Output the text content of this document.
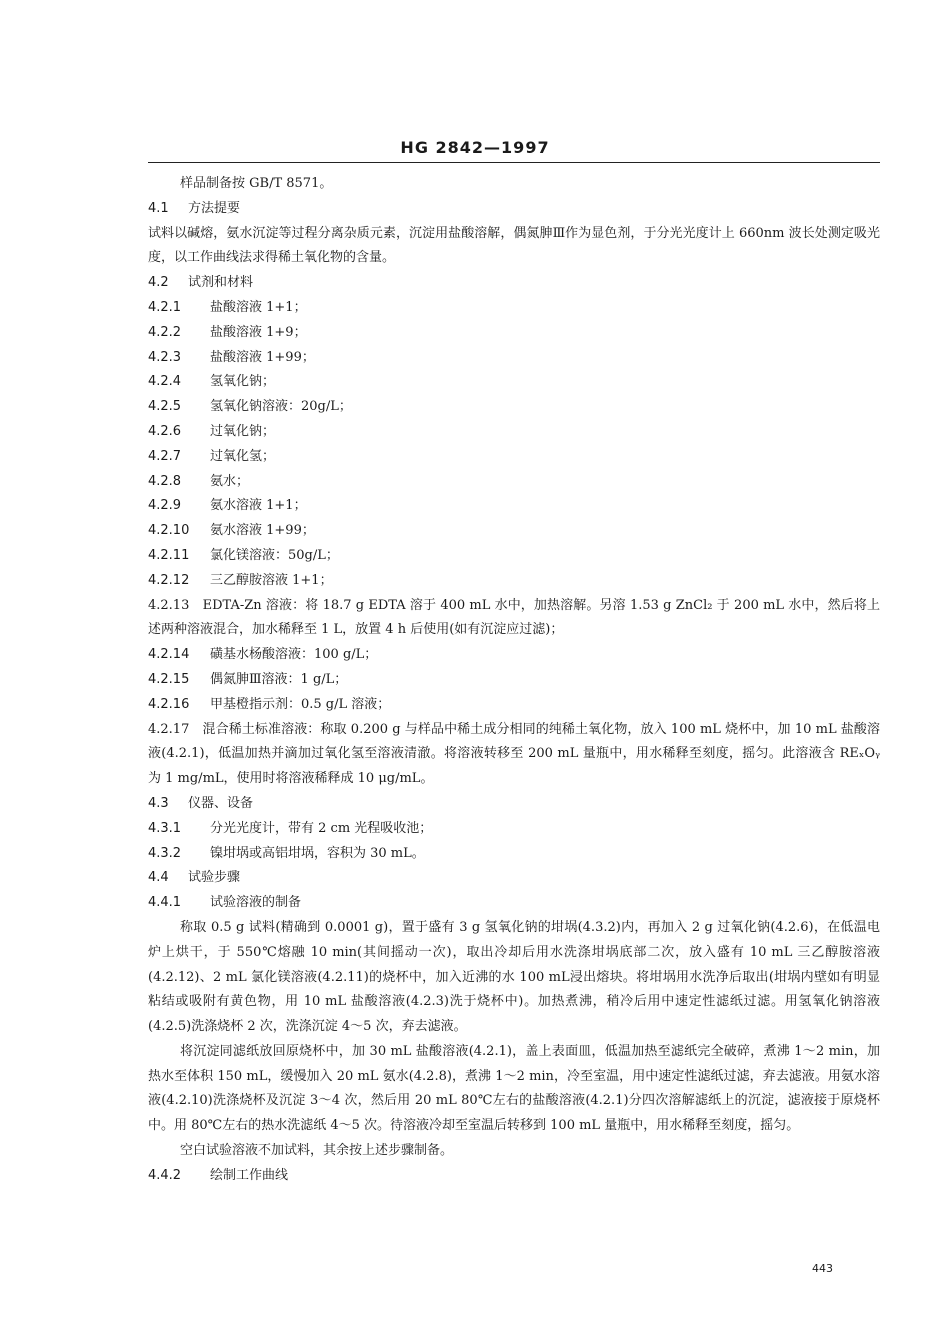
HG 2842—1997

样品制备按 GB/T 8571。

4.1	方法提要

试料以碱熔，氨水沉淀等过程分离杂质元素，沉淀用盐酸溶解，偶氮胂Ⅲ作为显色剂，于分光光度计上 660nm 波长处测定吸光度，以工作曲线法求得稀土氧化物的含量。

4.2	试剂和材料
4.2.1	盐酸溶液 1+1；
4.2.2	盐酸溶液 1+9；
4.2.3	盐酸溶液 1+99；
4.2.4	氢氧化钠；
4.2.5	氢氧化钠溶液：20g/L；
4.2.6	过氧化钠；
4.2.7	过氧化氢；
4.2.8	氨水；
4.2.9	氨水溶液 1+1；
4.2.10	氨水溶液 1+99；
4.2.11	氯化镁溶液：50g/L；
4.2.12	三乙醇胺溶液 1+1；

4.2.13　EDTA-Zn 溶液：将 18.7 g EDTA 溶于 400 mL 水中，加热溶解。另溶 1.53 g ZnCl₂ 于 200 mL 水中，然后将上述两种溶液混合，加水稀释至 1 L，放置 4 h 后使用(如有沉淀应过滤)；

4.2.14	磺基水杨酸溶液：100 g/L；
4.2.15	偶氮胂Ⅲ溶液：1 g/L；
4.2.16	甲基橙指示剂：0.5 g/L 溶液；

4.2.17　混合稀土标准溶液：称取 0.200 g 与样品中稀土成分相同的纯稀土氧化物，放入 100 mL 烧杯中，加 10 mL 盐酸溶液(4.2.1)，低温加热并滴加过氧化氢至溶液清澈。将溶液转移至 200 mL 量瓶中，用水稀释至刻度，摇匀。此溶液含 REₓOᵧ 为 1 mg/mL，使用时将溶液稀释成 10 μg/mL。

4.3	仪器、设备
4.3.1	分光光度计，带有 2 cm 光程吸收池；
4.3.2	镍坩埚或高铝坩埚，容积为 30 mL。
4.4	试验步骤
4.4.1	试验溶液的制备

称取 0.5 g 试料(精确到 0.0001 g)，置于盛有 3 g 氢氧化钠的坩埚(4.3.2)内，再加入 2 g 过氧化钠(4.2.6)，在低温电炉上烘干，于 550℃熔融 10 min(其间摇动一次)，取出冷却后用水洗涤坩埚底部二次，放入盛有 10 mL 三乙醇胺溶液(4.2.12)、2 mL 氯化镁溶液(4.2.11)的烧杯中，加入近沸的水 100 mL浸出熔块。将坩埚用水洗净后取出(坩埚内壁如有明显粘结或吸附有黄色物，用 10 mL 盐酸溶液(4.2.3)洗于烧杯中)。加热煮沸，稍冷后用中速定性滤纸过滤。用氢氧化钠溶液(4.2.5)洗涤烧杯 2 次，洗涤沉淀 4～5 次，弃去滤液。

将沉淀同滤纸放回原烧杯中，加 30 mL 盐酸溶液(4.2.1)，盖上表面皿，低温加热至滤纸完全破碎，煮沸 1～2 min，加热水至体积 150 mL，缓慢加入 20 mL 氨水(4.2.8)，煮沸 1～2 min，冷至室温，用中速定性滤纸过滤，弃去滤液。用氨水溶液(4.2.10)洗涤烧杯及沉淀 3～4 次，然后用 20 mL 80℃左右的盐酸溶液(4.2.1)分四次溶解滤纸上的沉淀，滤液接于原烧杯中。用 80℃左右的热水洗滤纸 4～5 次。待溶液冷却至室温后转移到 100 mL 量瓶中，用水稀释至刻度，摇匀。

空白试验溶液不加试料，其余按上述步骤制备。

4.4.2	绘制工作曲线
443
